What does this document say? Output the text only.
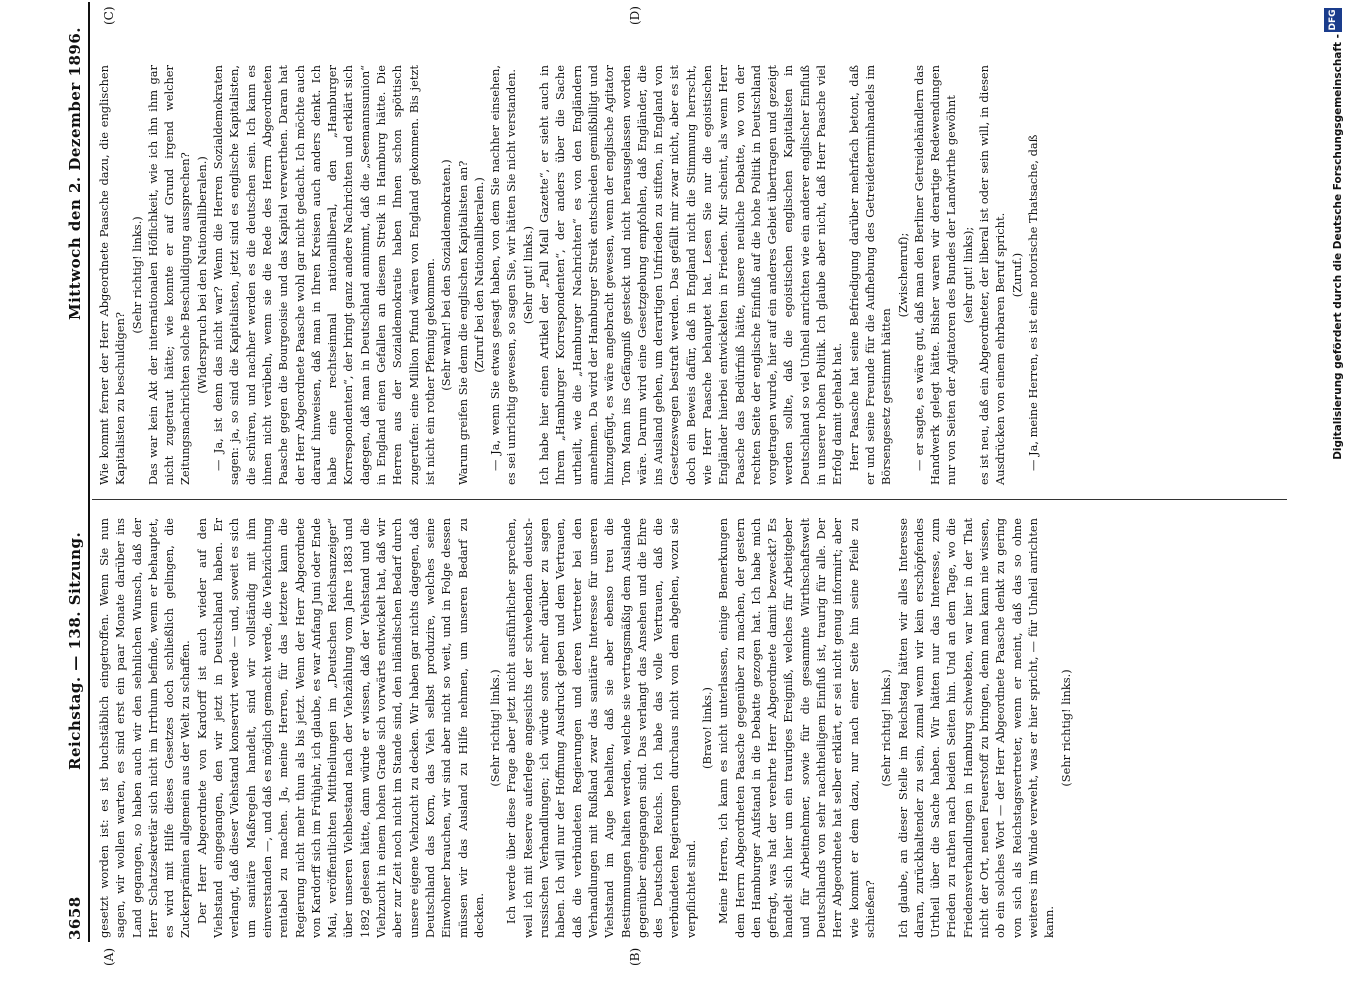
3658
Reichstag. — 138. Sitzung.
Mittwoch den 2. Dezember 1896.
(A)	(B)
(C)	(D)

gesetzt worden ist: es ist buchstäblich eingetroffen. Wenn Sie nun sagen, wir wollen warten, es sind erst ein paar Monate darüber ins Land gegangen, so haben auch wir den sehnlichen Wunsch, daß der Herr Schatzsekretär sich nicht im Irrthum befinde, wenn er behauptet, es wird mit Hilfe dieses Gesetzes doch schließlich gelingen, die Zuckerprämien allgemein aus der Welt zu schaffen. Der Herr Abgeordnete von Kardorff ist auch wieder auf den Viehstand eingegangen, den wir jetzt in Deutschland haben. Er verlangt, daß dieser Viehstand konservirt werde — und, soweit es sich um sanitäre Maßregeln handelt, sind wir vollständig mit ihm einverstanden —, und daß es möglich gemacht werde, die Viehzüchtung rentabel zu machen. Ja, meine Herren, für das letztere kann die Regierung nicht mehr thun als bis jetzt. Wenn der Herr Abgeordnete von Kardorff sich im Frühjahr, ich glaube, es war Anfang Juni oder Ende Mai, veröffentlichten Mittheilungen im „Deutschen Reichsanzeiger“ über unseren Viehbestand nach der Viehzählung vom Jahre 1883 und 1892 gelesen hätte, dann würde er wissen, daß der Viehstand und die Viehzucht in einem hohen Grade sich vorwärts entwickelt hat, daß wir aber zur Zeit noch nicht im Stande sind, den inländischen Bedarf durch unsere eigene Viehzucht zu decken. Wir haben gar nichts dagegen, daß Deutschland das Korn, das Vieh selbst produzire, welches seine Einwohner brauchen, wir sind aber nicht so weit, und in Folge dessen müssen wir das Ausland zu Hilfe nehmen, um unseren Bedarf zu decken.

(Sehr richtig! links.) Ich werde über diese Frage aber jetzt nicht ausführlicher sprechen, weil ich mit Reserve auferlege angesichts der schwebenden deutsch-russischen Verhandlungen; ich würde sonst mehr darüber zu sagen haben. Ich will nur der Hoffnung Ausdruck geben und dem Vertrauen, daß die verbündeten Regierungen und deren Vertreter bei den Verhandlungen mit Rußland zwar das sanitäre Interesse für unseren Viehstand im Auge behalten, daß sie aber ebenso treu die Bestimmungen halten werden, welche sie vertragsmäßig dem Auslande gegenüber eingegangen sind. Das verlangt das Ansehen und die Ehre des Deutschen Reichs. Ich habe das volle Vertrauen, daß die verbündeten Regierungen durchaus nicht von dem abgehen, wozu sie verpflichtet sind.

(Bravo! links.) Meine Herren, ich kann es nicht unterlassen, einige Bemerkungen dem Herrn Abgeordneten Paasche gegenüber zu machen, der gestern den Hamburger Aufstand in die Debatte gezogen hat. Ich habe mich gefragt, was hat der verehrte Herr Abgeordnete damit bezweckt? Es handelt sich hier um ein trauriges Ereigniß, welches für Arbeitgeber und für Arbeitnehmer, sowie für die gesammte Wirthschaftswelt Deutschlands von sehr nachtheiligem Einfluß ist, traurig für alle. Der Herr Abgeordnete hat selber erklärt, er sei nicht genug informirt; aber wie kommt er dem dazu, nur nach einer Seite hin seine Pfeile zu schießen?

(Sehr richtig! links.) Ich glaube, an dieser Stelle im Reichstag hätten wir alles Interesse daran, zurückhaltender zu sein, zumal wenn wir kein erschöpfendes Urtheil über die Sache haben. Wir hätten nur das Interesse, zum Frieden zu rathen nach beiden Seiten hin. Und an dem Tage, wo die Friedensverhandlungen in Hamburg schwebten, war hier in der That nicht der Ort, neuen Feuerstoff zu bringen, denn man kann nie wissen, ob ein solches Wort — der Herr Abgeordnete Paasche denkt zu gering von sich als Reichstagsvertreter, wenn er meint, daß das so ohne weiteres im Winde verweht, was er hier spricht, — für Unheil anrichten kann.

(Sehr richtig! links.)

Wie kommt ferner der Herr Abgeordnete Paasche dazu, die englischen Kapitalisten zu beschuldigen?

(Sehr richtig! links.) Das war kein Akt der internationalen Höflichkeit, wie ich ihn ihm gar nicht zugetraut hätte; wie konnte er auf Grund irgend welcher Zeitungsnachrichten solche Beschuldigung aussprechen? (Widerspruch bei den Nationalliberalen.) — Ja, ist denn das nicht war? Wenn die Herren Sozialdemokraten sagen: ja, so sind die Kapitalisten, jetzt sind es englische Kapitalisten, die schüren, und nachher werden es die deutschen sein. Ich kann es ihnen nicht verübeln, wenn sie die Rede des Herrn Abgeordneten Paasche gegen die Bourgeoisie und das Kapital verwerthen. Daran hat der Herr Abgeordnete Paasche wohl gar nicht gedacht. Ich möchte auch darauf hinweisen, daß man in Ihren Kreisen auch anders denkt. Ich habe eine rechtseinmal nationalliberal, den „Hamburger Korrespondenten“, der bringt ganz andere Nachrichten und erklärt sich dagegen, daß man in Deutschland annimmt, daß die „Seemannsunion“ in England einen Gefallen an diesem Streik in Hamburg hätte. Die Herren aus der Sozialdemokratie haben Ihnen schon spöttisch zugerufen: eine Million Pfund wären von England gekommen. Bis jetzt ist nicht ein rother Pfennig gekommen. (Sehr wahr! bei den Sozialdemokraten.) Warum greifen Sie denn die englischen Kapitalisten an? (Zuruf bei den Nationalliberalen.) — Ja, wenn Sie etwas gesagt haben, von dem Sie nachher einsehen, es sei unrichtig gewesen, so sagen Sie, wir hätten Sie nicht verstanden. (Sehr gut! links.) Ich habe hier einen Artikel der „Pall Mall Gazette“, er sieht auch in Ihrem „Hamburger Korrespondenten“, der anders über die Sache urtheilt, wie die „Hamburger Nachrichten“ es von den Engländern annehmen. Da wird der Hamburger Streik entschieden gemißbilligt und hinzugefügt, es wäre angebracht gewesen, wenn der englische Agitator Tom Mann ins Gefängniß gesteckt und nicht herausgelassen worden wäre. Darum wird eine Gesetzgebung empfohlen, daß Engländer, die ins Ausland gehen, um derartigen Unfrieden zu stiften, in England von Gesetzeswegen bestraft werden. Das gefällt mir zwar nicht, aber es ist doch ein Beweis dafür, daß in England nicht die Stimmung herrscht, wie Herr Paasche behauptet hat. Lesen Sie nur die egoistischen Engländer hierbei entwickelten in Frieden. Mir scheint, als wenn Herr Paasche das Bedürfniß hätte, unsere neuliche Debatte, wo von der rechten Seite der englische Einfluß auf die hohe Politik in Deutschland vorgetragen wurde, hier auf ein anderes Gebiet übertragen und gezeigt werden sollte, daß die egoistischen englischen Kapitalisten in Deutschland so viel Unheil anrichten wie ein anderer englischer Einfluß in unserer hohen Politik. Ich glaube aber nicht, daß Herr Paasche viel Erfolg damit gehabt hat. Herr Paasche hat seine Befriedigung darüber mehrfach betont, daß er und seine Freunde für die Aufhebung des Getreideterminhandels im Börsengesetz gestimmt hätten

(Zwischenruf); — er sagte, es wäre gut, daß man den Berliner Getreidehändlern das Handwerk gelegt hätte. Bisher waren wir derartige Redewendungen nur von Seiten der Agitatoren des Bundes der Landwirthe gewöhnt (sehr gut! links); es ist neu, daß ein Abgeordneter, der liberal ist oder sein will, in diesen Ausdrücken von einem ehrbaren Beruf spricht. (Zuruf.) — Ja, meine Herren, es ist eine notorische Thatsache, daß	Digitalisierung gefördert durch die Deutsche Forschungsgemeinschaft -
DFG
